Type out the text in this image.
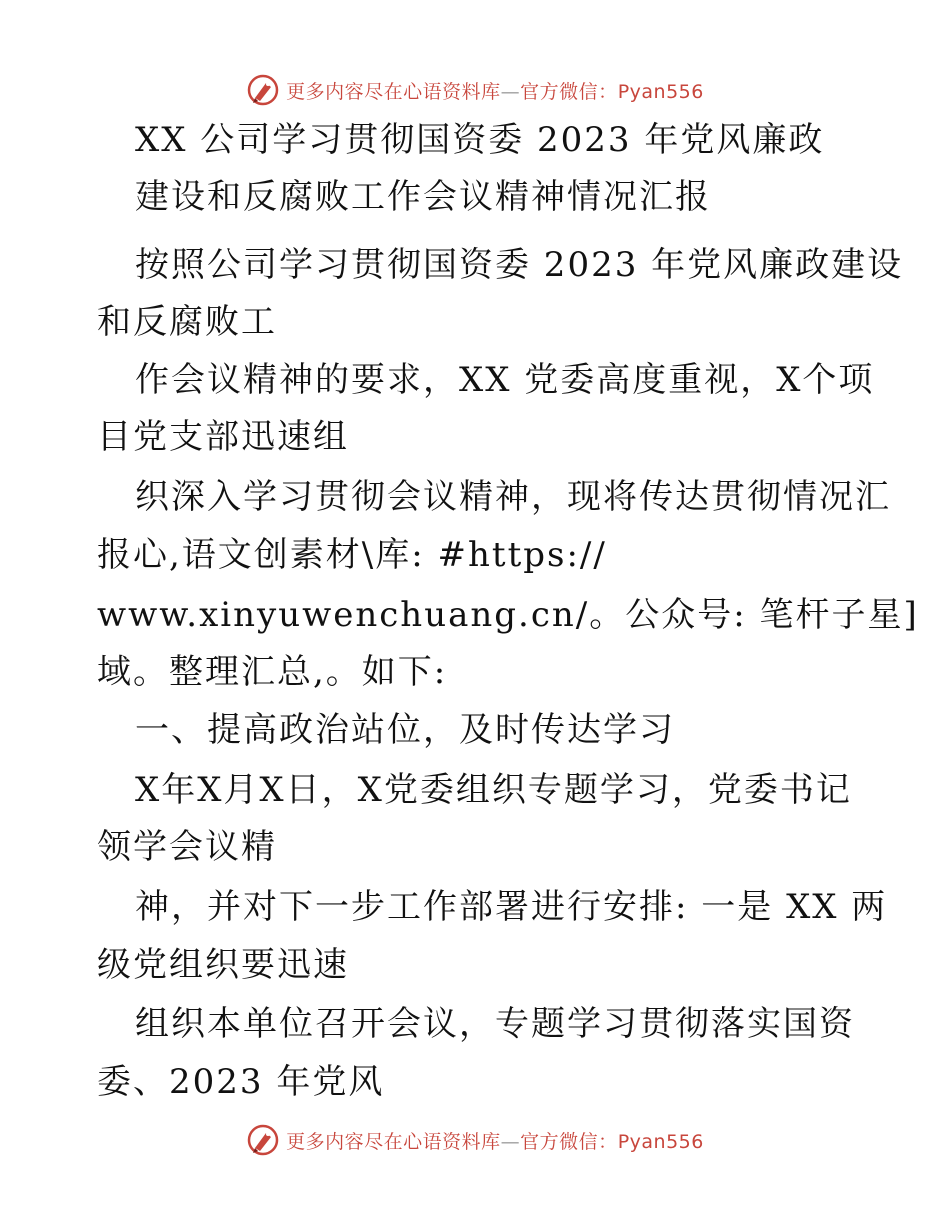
更多内容尽在心语资料库—官方微信：Pyan556
XX 公司学习贯彻国资委 2023 年党风廉政
建设和反腐败工作会议精神情况汇报
按照公司学习贯彻国资委 2023 年党风廉政建设
和反腐败工
作会议精神的要求，XX 党委高度重视，X个项
目党支部迅速组
织深入学习贯彻会议精神，现将传达贯彻情况汇
报心,语文创素材\库: #https://
www.xinyuwenchuang.cn/。公众号: 笔杆子星]
域。整理汇总,。如下:
一、提高政治站位，及时传达学习
X年X月X日，X党委组织专题学习，党委书记
领学会议精
神，并对下一步工作部署进行安排: 一是 XX 两
级党组织要迅速
组织本单位召开会议，专题学习贯彻落实国资
委、2023 年党风
更多内容尽在心语资料库—官方微信：Pyan556
